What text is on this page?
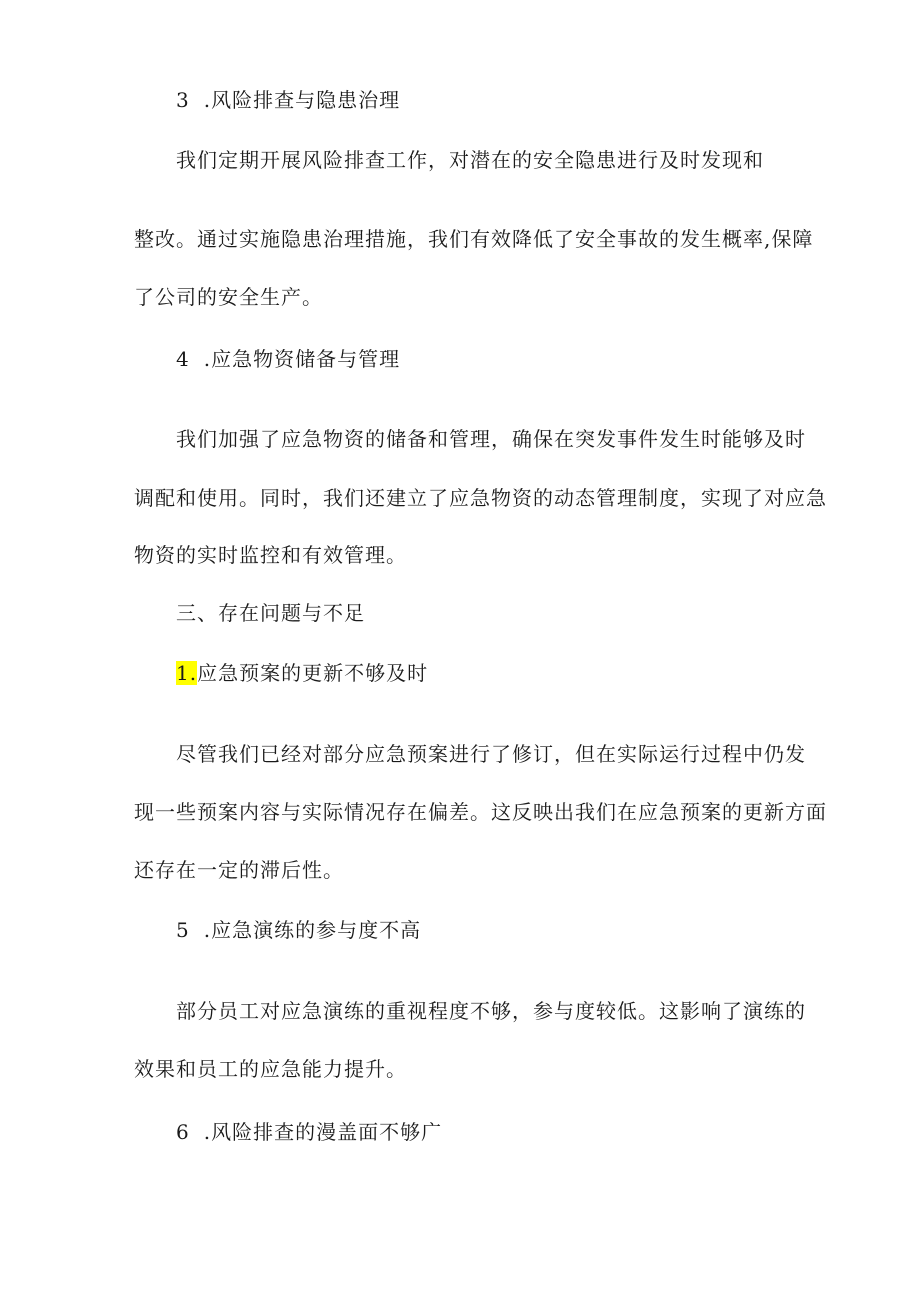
3 .风险排查与隐患治理
我们定期开展风险排查工作，对潜在的安全隐患进行及时发现和
整改。通过实施隐患治理措施，我们有效降低了安全事故的发生概率,保障
了公司的安全生产。
4 .应急物资储备与管理
我们加强了应急物资的储备和管理，确保在突发事件发生时能够及时
调配和使用。同时，我们还建立了应急物资的动态管理制度，实现了对应急
物资的实时监控和有效管理。
三、存在问题与不足
1.应急预案的更新不够及时
尽管我们已经对部分应急预案进行了修订，但在实际运行过程中仍发
现一些预案内容与实际情况存在偏差。这反映出我们在应急预案的更新方面
还存在一定的滞后性。
5 .应急演练的参与度不高
部分员工对应急演练的重视程度不够，参与度较低。这影响了演练的
效果和员工的应急能力提升。
6 .风险排查的漫盖面不够广
